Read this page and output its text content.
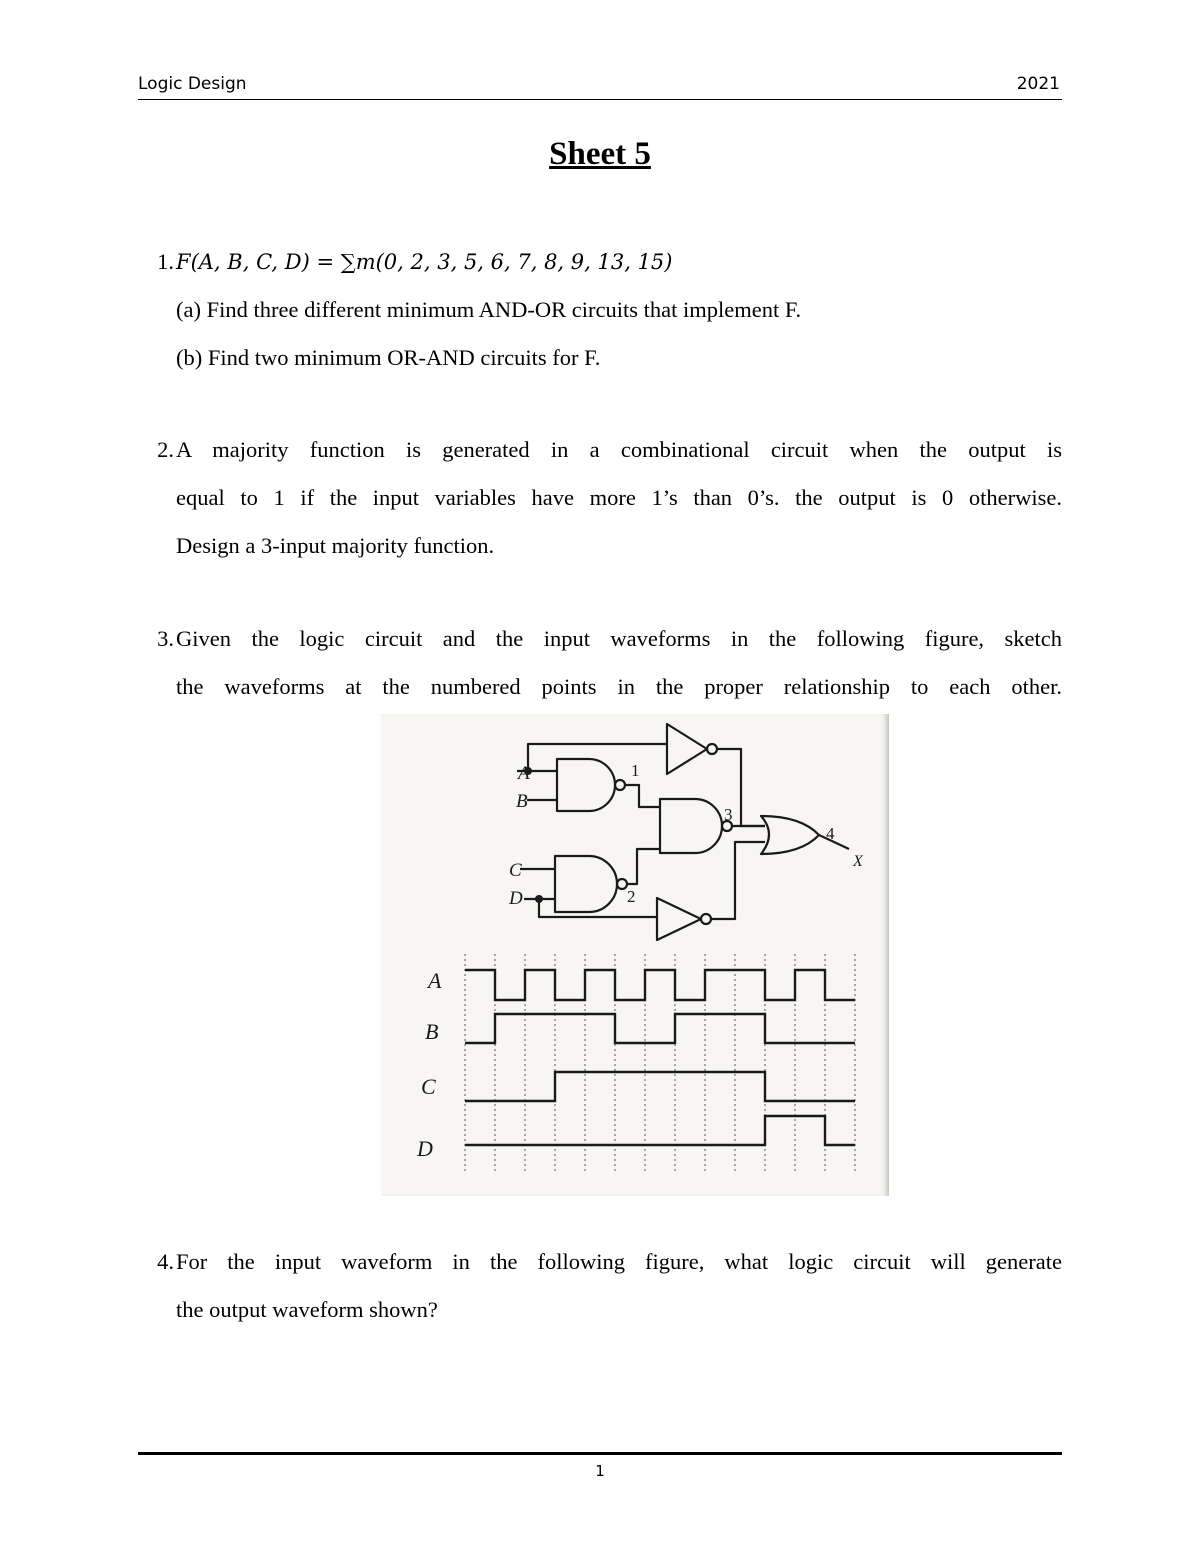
Logic Design	2021
Sheet 5
1. F(A, B, C, D) = ∑m(0, 2, 3, 5, 6, 7, 8, 9, 13, 15)
(a) Find three different minimum AND-OR circuits that implement F.
(b) Find two minimum OR-AND circuits for F.
2. A majority function is generated in a combinational circuit when the output is
equal to 1 if the input variables have more 1’s than 0’s. the output is 0 otherwise.
Design a 3-input majority function.
3. Given the logic circuit and the input waveforms in the following figure, sketch
the waveforms at the numbered points in the proper relationship to each other.
A
B
C
D
X
1
2
3
4
A
B
C
D
4. For the input waveform in the following figure, what logic circuit will generate
the output waveform shown?
1
